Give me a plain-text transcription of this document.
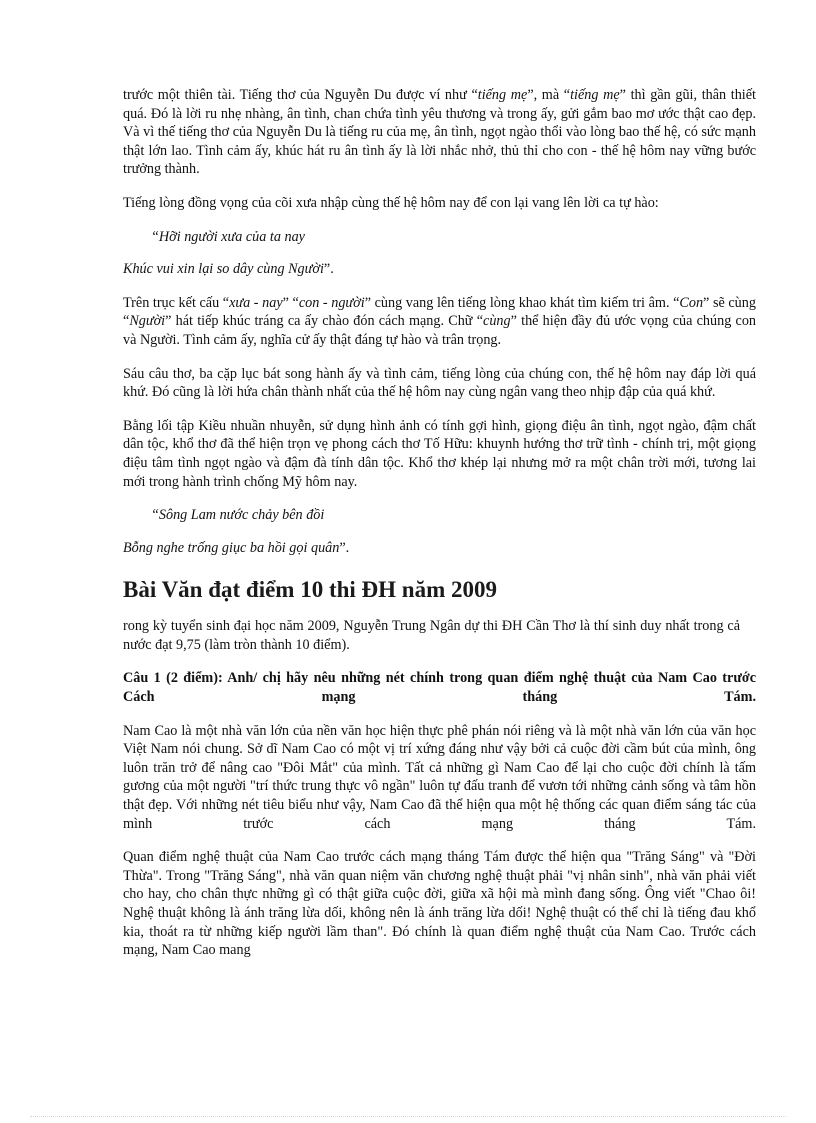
trước một thiên tài. Tiếng thơ của Nguyễn Du được ví như “tiếng mẹ”, mà “tiếng mẹ” thì gần gũi, thân thiết quá. Đó là lời ru nhẹ nhàng, ân tình, chan chứa tình yêu thương và trong ấy, gửi gắm bao mơ ước thật cao đẹp. Và vì thế tiếng thơ của Nguyễn Du là tiếng ru của mẹ, ân tình, ngọt ngào thổi vào lòng bao thế hệ, có sức mạnh thật lớn lao. Tình cảm ấy, khúc hát ru ân tình ấy là lời nhắc nhở, thủ thỉ cho con - thế hệ hôm nay vững bước trưởng thành.

Tiếng lòng đồng vọng của cõi xưa nhập cùng thế hệ hôm nay để con lại vang lên lời ca tự hào:

“Hỡi người xưa của ta nay
Khúc vui xin lại so dây cùng Người”.

Trên trục kết cấu “xưa - nay” “con - người” cùng vang lên tiếng lòng khao khát tìm kiếm tri âm. “Con” sẽ cùng “Người” hát tiếp khúc tráng ca ấy chào đón cách mạng. Chữ “cùng” thể hiện đầy đủ ước vọng của chúng con và Người. Tình cảm ấy, nghĩa cử ấy thật đáng tự hào và trân trọng.

Sáu câu thơ, ba cặp lục bát song hành ấy và tình cảm, tiếng lòng của chúng con, thế hệ hôm nay đáp lời quá khứ. Đó cũng là lời hứa chân thành nhất của thế hệ hôm nay cùng ngân vang theo nhịp đập của quá khứ.

Bằng lối tập Kiều nhuần nhuyễn, sử dụng hình ảnh có tính gợi hình, giọng điệu ân tình, ngọt ngào, đậm chất dân tộc, khổ thơ đã thể hiện trọn vẹ phong cách thơ Tố Hữu: khuynh hướng thơ trữ tình - chính trị, một giọng điệu tâm tình ngọt ngào và đậm đà tính dân tộc. Khổ thơ khép lại nhưng mở ra một chân trời mới, tương lai mới trong hành trình chống Mỹ hôm nay.

“Sông Lam nước chảy bên đồi
Bỗng nghe trống giục ba hồi gọi quân”.
Bài Văn đạt điểm 10 thi ĐH năm 2009

rong kỳ tuyển sinh đại học năm 2009, Nguyễn Trung Ngân dự thi ĐH Cần Thơ là thí sinh duy nhất trong cả nước đạt 9,75 (làm tròn thành 10 điểm).

Câu 1 (2 điểm): Anh/ chị hãy nêu những nét chính trong quan điểm nghệ thuật của Nam Cao trước Cách mạng tháng Tám.

Nam Cao là một nhà văn lớn của nền văn học hiện thực phê phán nói riêng và là một nhà văn lớn của văn học Việt Nam nói chung. Sở dĩ Nam Cao có một vị trí xứng đáng như vậy bởi cả cuộc đời cầm bút của mình, ông luôn trăn trở để nâng cao "Đôi Mắt" của mình. Tất cả những gì Nam Cao để lại cho cuộc đời chính là tấm gương của một người "trí thức trung thực vô ngần" luôn tự đấu tranh để vươn tới những cảnh sống và tâm hồn thật đẹp. Với những nét tiêu biểu như vậy, Nam Cao đã thể hiện qua một hệ thống các quan điểm sáng tác của mình trước cách mạng tháng Tám.

Quan điểm nghệ thuật của Nam Cao trước cách mạng tháng Tám được thể hiện qua "Trăng Sáng" và "Đời Thừa". Trong "Trăng Sáng", nhà văn quan niệm văn chương nghệ thuật phải "vị nhân sinh", nhà văn phải viết cho hay, cho chân thực những gì có thật giữa cuộc đời, giữa xã hội mà mình đang sống. Ông viết "Chao ôi! Nghệ thuật không là ánh trăng lừa dối, không nên là ánh trăng lừa dối! Nghệ thuật có thể chỉ là tiếng đau khổ kia, thoát ra từ những kiếp người lầm than". Đó chính là quan điểm nghệ thuật của Nam Cao. Trước cách mạng, Nam Cao mang
